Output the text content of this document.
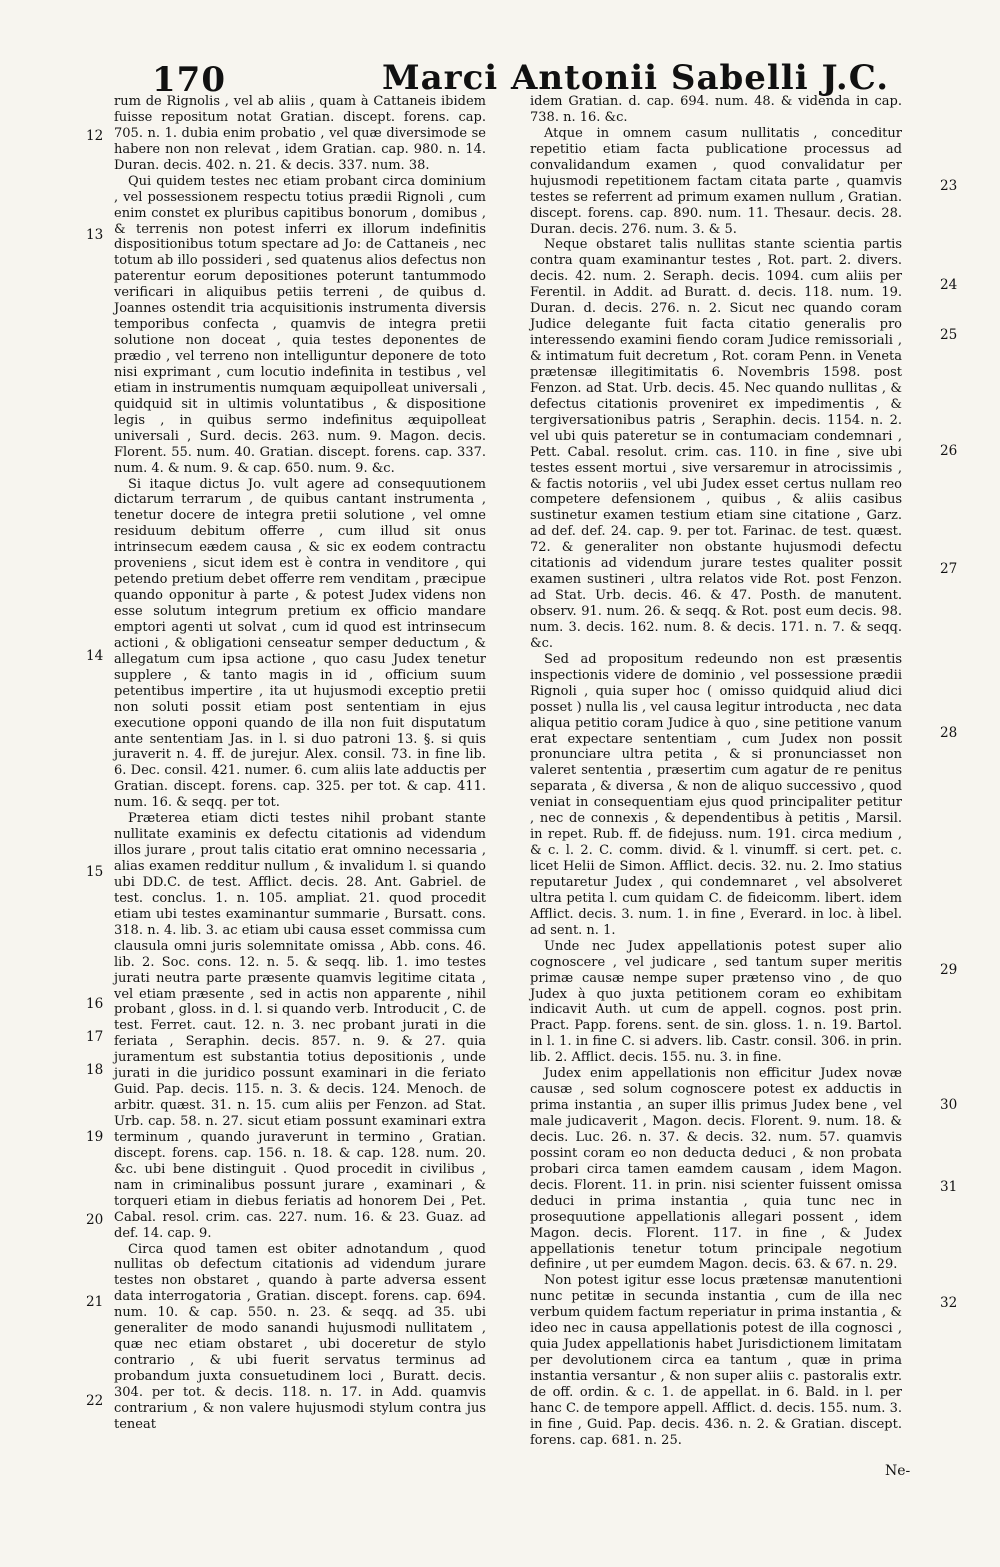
170	Marci Antonii Sabelli J.C.

rum de Rignolis , vel ab aliis , quam à Cattaneis ibidem fuisse repositum notat Gratian. discept. forens. cap. 705. n. 1. dubia enim probatio , vel quæ diversimode se habere non non relevat , idem Gratian. cap. 980. n. 14. Duran. decis. 402. n. 21. & decis. 337. num. 38.

Qui quidem testes nec etiam probant circa dominium , vel possessionem respectu totius prædii Rignoli , cum enim constet ex pluribus capitibus bonorum , domibus , & terrenis non potest inferri ex illorum indefinitis dispositionibus totum spectare ad Jo: de Cattaneis , nec totum ab illo possideri , sed quatenus alios defectus non paterentur eorum depositiones poterunt tantummodo verificari in aliquibus petiis terreni , de quibus d. Joannes ostendit tria acquisitionis instrumenta diversis temporibus confecta , quamvis de integra pretii solutione non doceat , quia testes deponentes de prædio , vel terreno non intelliguntur deponere de toto nisi exprimant , cum locutio indefinita in testibus , vel etiam in instrumentis numquam æquipolleat universali , quidquid sit in ultimis voluntatibus , & dispositione legis , in quibus sermo indefinitus æquipolleat universali , Surd. decis. 263. num. 9. Magon. decis. Florent. 55. num. 40. Gratian. discept. forens. cap. 337. num. 4. & num. 9. & cap. 650. num. 9. &c.

Si itaque dictus Jo. vult agere ad consequutionem dictarum terrarum , de quibus cantant instrumenta , tenetur docere de integra pretii solutione , vel omne residuum debitum offerre , cum illud sit onus intrinsecum eædem causa , & sic ex eodem contractu proveniens , sicut idem est è contra in venditore , qui petendo pretium debet offerre rem venditam , præcipue quando opponitur à parte , & potest Judex videns non esse solutum integrum pretium ex officio mandare emptori agenti ut solvat , cum id quod est intrinsecum actioni , & obligationi censeatur semper deductum , & allegatum cum ipsa actione , quo casu Judex tenetur supplere , & tanto magis in id , officium suum petentibus impertire , ita ut hujusmodi exceptio pretii non soluti possit etiam post sententiam in ejus executione opponi quando de illa non fuit disputatum ante sententiam Jas. in l. si duo patroni 13. §. si quis juraverit n. 4. ff. de jurejur. Alex. consil. 73. in fine lib. 6. Dec. consil. 421. numer. 6. cum aliis late adductis per Gratian. discept. forens. cap. 325. per tot. & cap. 411. num. 16. & seqq. per tot.

Præterea etiam dicti testes nihil probant stante nullitate examinis ex defectu citationis ad videndum illos jurare , prout talis citatio erat omnino necessaria , alias examen redditur nullum , & invalidum l. si quando ubi DD.C. de test. Afflict. decis. 28. Ant. Gabriel. de test. conclus. 1. n. 105. ampliat. 21. quod procedit etiam ubi testes examinantur summarie , Bursatt. cons. 318. n. 4. lib. 3. ac etiam ubi causa esset commissa cum clausula omni juris solemnitate omissa , Abb. cons. 46. lib. 2. Soc. cons. 12. n. 5. & seqq. lib. 1. imo testes jurati neutra parte præsente quamvis legitime citata , vel etiam præsente , sed in actis non apparente , nihil probant , gloss. in d. l. si quando verb. Introducit , C. de test. Ferret. caut. 12. n. 3. nec probant jurati in die feriata , Seraphin. decis. 857. n. 9. & 27. quia juramentum est substantia totius depositionis , unde jurati in die juridico possunt examinari in die feriato Guid. Pap. decis. 115. n. 3. & decis. 124. Menoch. de arbitr. quæst. 31. n. 15. cum aliis per Fenzon. ad Stat. Urb. cap. 58. n. 27. sicut etiam possunt examinari extra terminum , quando juraverunt in termino , Gratian. discept. forens. cap. 156. n. 18. & cap. 128. num. 20. &c. ubi bene distinguit . Quod procedit in civilibus , nam in criminalibus possunt jurare , examinari , & torqueri etiam in diebus feriatis ad honorem Dei , Pet. Cabal. resol. crim. cas. 227. num. 16. & 23. Guaz. ad def. 14. cap. 9.

Circa quod tamen est obiter adnotandum , quod nullitas ob defectum citationis ad videndum jurare testes non obstaret , quando à parte adversa essent data interrogatoria , Gratian. discept. forens. cap. 694. num. 10. & cap. 550. n. 23. & seqq. ad 35. ubi generaliter de modo sanandi hujusmodi nullitatem , quæ nec etiam obstaret , ubi doceretur de stylo contrario , & ubi fuerit servatus terminus ad probandum juxta consuetudinem loci , Buratt. decis. 304. per tot. & decis. 118. n. 17. in Add. quamvis contrarium , & non valere hujusmodi stylum contra jus teneat

idem Gratian. d. cap. 694. num. 48. & videnda in cap. 738. n. 16. &c.

Atque in omnem casum nullitatis , conceditur repetitio etiam facta publicatione processus ad convalidandum examen , quod convalidatur per hujusmodi repetitionem factam citata parte , quamvis testes se referrent ad primum examen nullum , Gratian. discept. forens. cap. 890. num. 11. Thesaur. decis. 28. Duran. decis. 276. num. 3. & 5.

Neque obstaret talis nullitas stante scientia partis contra quam examinantur testes , Rot. part. 2. divers. decis. 42. num. 2. Seraph. decis. 1094. cum aliis per Ferentil. in Addit. ad Buratt. d. decis. 118. num. 19. Duran. d. decis. 276. n. 2. Sicut nec quando coram Judice delegante fuit facta citatio generalis pro interessendo examini fiendo coram Judice remissoriali , & intimatum fuit decretum , Rot. coram Penn. in Veneta prætensæ illegitimitatis 6. Novembris 1598. post Fenzon. ad Stat. Urb. decis. 45. Nec quando nullitas , & defectus citationis proveniret ex impedimentis , & tergiversationibus patris , Seraphin. decis. 1154. n. 2. vel ubi quis pateretur se in contumaciam condemnari , Pett. Cabal. resolut. crim. cas. 110. in fine , sive ubi testes essent mortui , sive versaremur in atrocissimis , & factis notoriis , vel ubi Judex esset certus nullam reo competere defensionem , quibus , & aliis casibus sustinetur examen testium etiam sine citatione , Garz. ad def. def. 24. cap. 9. per tot. Farinac. de test. quæst. 72. & generaliter non obstante hujusmodi defectu citationis ad videndum jurare testes qualiter possit examen sustineri , ultra relatos vide Rot. post Fenzon. ad Stat. Urb. decis. 46. & 47. Posth. de manutent. observ. 91. num. 26. & seqq. & Rot. post eum decis. 98. num. 3. decis. 162. num. 8. & decis. 171. n. 7. & seqq. &c.

Sed ad propositum redeundo non est præsentis inspectionis videre de dominio , vel possessione prædii Rignoli , quia super hoc ( omisso quidquid aliud dici posset ) nulla lis , vel causa legitur introducta , nec data aliqua petitio coram Judice à quo , sine petitione vanum erat expectare sententiam , cum Judex non possit pronunciare ultra petita , & si pronunciasset non valeret sententia , præsertim cum agatur de re penitus separata , & diversa , & non de aliquo successivo , quod veniat in consequentiam ejus quod principaliter petitur , nec de connexis , & dependentibus à petitis , Marsil. in repet. Rub. ff. de fidejuss. num. 191. circa medium , & c. l. 2. C. comm. divid. & l. vinumff. si cert. pet. c. licet Helii de Simon. Afflict. decis. 32. nu. 2. Imo statius reputaretur Judex , qui condemnaret , vel absolveret ultra petita l. cum quidam C. de fideicomm. libert. idem Afflict. decis. 3. num. 1. in fine , Everard. in loc. à libel. ad sent. n. 1.

Unde nec Judex appellationis potest super alio cognoscere , vel judicare , sed tantum super meritis primæ causæ nempe super prætenso vino , de quo Judex à quo juxta petitionem coram eo exhibitam indicavit Auth. ut cum de appell. cognos. post prin. Pract. Papp. forens. sent. de sin. gloss. 1. n. 19. Bartol. in l. 1. in fine C. si advers. lib. Castr. consil. 306. in prin. lib. 2. Afflict. decis. 155. nu. 3. in fine.

Judex enim appellationis non efficitur Judex novæ causæ , sed solum cognoscere potest ex adductis in prima instantia , an super illis primus Judex bene , vel male judicaverit , Magon. decis. Florent. 9. num. 18. & decis. Luc. 26. n. 37. & decis. 32. num. 57. quamvis possint coram eo non deducta deduci , & non probata probari circa tamen eamdem causam , idem Magon. decis. Florent. 11. in prin. nisi scienter fuissent omissa deduci in prima instantia , quia tunc nec in prosequutione appellationis allegari possent , idem Magon. decis. Florent. 117. in fine , & Judex appellationis tenetur totum principale negotium definire , ut per eumdem Magon. decis. 63. & 67. n. 29.

Non potest igitur esse locus prætensæ manutentioni nunc petitæ in secunda instantia , cum de illa nec verbum quidem factum reperiatur in prima instantia , & ideo nec in causa appellationis potest de illa cognosci , quia Judex appellationis habet Jurisdictionem limitatam per devolutionem circa ea tantum , quæ in prima instantia versantur , & non super aliis c. pastoralis extr. de off. ordin. & c. 1. de appellat. in 6. Bald. in l. per hanc C. de tempore appell. Afflict. d. decis. 155. num. 3. in fine , Guid. Pap. decis. 436. n. 2. & Gratian. discept. forens. cap. 681. n. 25.

12
13
14
15
16
17
18
19
20
21
22
23
24
25
26
27
28
29
30
31
32
Ne-
